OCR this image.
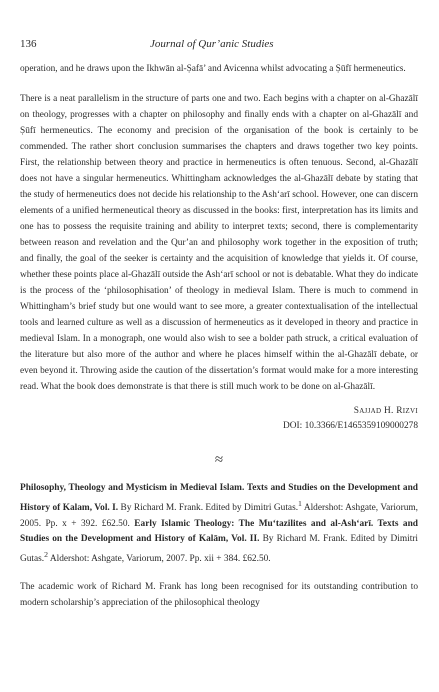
136	Journal of Qur’anic Studies

operation, and he draws upon the Ikhwān al-Ṣafā’ and Avicenna whilst advocating a Ṣūfī hermeneutics.

There is a neat parallelism in the structure of parts one and two. Each begins with a chapter on al-Ghazālī on theology, progresses with a chapter on philosophy and finally ends with a chapter on al-Ghazālī and Ṣūfī hermeneutics. The economy and precision of the organisation of the book is certainly to be commended. The rather short conclusion summarises the chapters and draws together two key points. First, the relationship between theory and practice in hermeneutics is often tenuous. Second, al-Ghazālī does not have a singular hermeneutics. Whittingham acknowledges the al-Ghazālī debate by stating that the study of hermeneutics does not decide his relationship to the Ash‘arī school. However, one can discern elements of a unified hermeneutical theory as discussed in the books: first, interpretation has its limits and one has to possess the requisite training and ability to interpret texts; second, there is complementarity between reason and revelation and the Qur’an and philosophy work together in the exposition of truth; and finally, the goal of the seeker is certainty and the acquisition of knowledge that yields it. Of course, whether these points place al-Ghazālī outside the Ash‘arī school or not is debatable. What they do indicate is the process of the ‘philosophisation’ of theology in medieval Islam. There is much to commend in Whittingham’s brief study but one would want to see more, a greater contextualisation of the intellectual tools and learned culture as well as a discussion of hermeneutics as it developed in theory and practice in medieval Islam. In a monograph, one would also wish to see a bolder path struck, a critical evaluation of the literature but also more of the author and where he places himself within the al-Ghazālī debate, or even beyond it. Throwing aside the caution of the dissertation’s format would make for a more interesting read. What the book does demonstrate is that there is still much work to be done on al-Ghazālī.

Sajjad H. Rizvi
DOI: 10.3366/E1465359109000278
≈

Philosophy, Theology and Mysticism in Medieval Islam. Texts and Studies on the Development and History of Kalam, Vol. I. By Richard M. Frank. Edited by Dimitri Gutas.$^1$ Aldershot: Ashgate, Variorum, 2005. Pp. x + 392. £62.50. Early Islamic Theology: The Mu‘tazilites and al-Ash‘arī. Texts and Studies on the Development and History of Kalām, Vol. II. By Richard M. Frank. Edited by Dimitri Gutas.$^2$ Aldershot: Ashgate, Variorum, 2007. Pp. xii + 384. £62.50.

The academic work of Richard M. Frank has long been recognised for its outstanding contribution to modern scholarship’s appreciation of the philosophical theology
